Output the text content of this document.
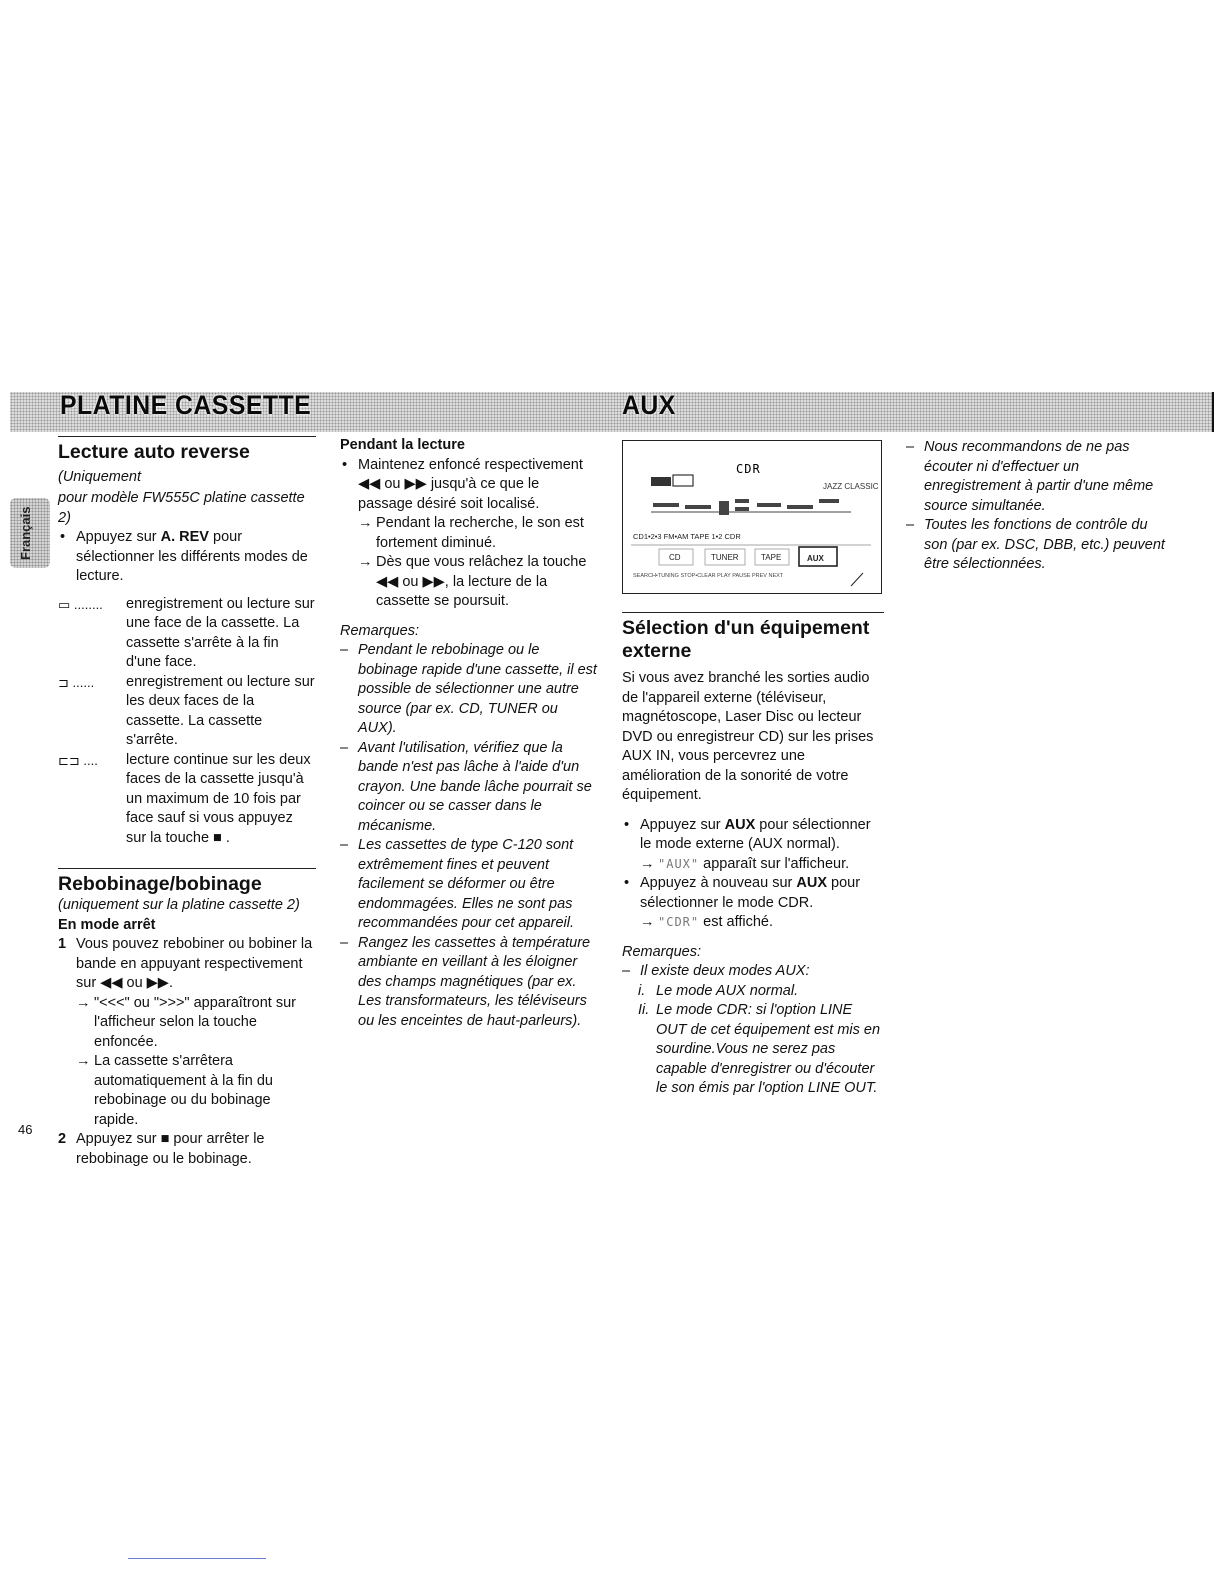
PLATINE CASSETTE	AUX
Français
Lecture auto reverse (Uniquement

pour modèle FW555C platine cassette 2)

• Appuyez sur A. REV pour sélectionner les différents modes de lecture.

▭ ........ enregistrement ou lecture sur une face de la cassette. La cassette s'arrête à la fin d'une face.
⊐ ...... enregistrement ou lecture sur les deux faces de la cassette. La cassette s'arrête.
⊏⊐ .... lecture continue sur les deux faces de la cassette jusqu'à un maximum de 10 fois par face sauf si vous appuyez sur la touche ■ .
Rebobinage/bobinage

(uniquement sur la platine cassette 2)

En mode arrêt

1 Vous pouvez rebobiner ou bobiner la bande en appuyant respectivement sur ◀◀ ou ▶▶.
→ "<<<" ou ">>>" apparaîtront sur l'afficheur selon la touche enfoncée.
→ La cassette s'arrêtera automatiquement à la fin du rebobinage ou du bobinage rapide.
2 Appuyez sur ■ pour arrêter le rebobinage ou le bobinage.

Pendant la lecture

• Maintenez enfoncé respectivement ◀◀ ou ▶▶ jusqu'à ce que le passage désiré soit localisé.

→ Pendant la recherche, le son est fortement diminué.
→ Dès que vous relâchez la touche ◀◀ ou ▶▶, la lecture de la cassette se poursuit.

Remarques:

– Pendant le rebobinage ou le bobinage rapide d'une cassette, il est possible de sélectionner une autre source (par ex. CD, TUNER ou AUX).
– Avant l'utilisation, vérifiez que la bande n'est pas lâche à l'aide d'un crayon. Une bande lâche pourrait se coincer ou se casser dans le mécanisme.
– Les cassettes de type C-120 sont extrêmement fines et peuvent facilement se déformer ou être endommagées. Elles ne sont pas recommandées pour cet appareil.
– Rangez les cassettes à température ambiante en veillant à les éloigner des champs magnétiques (par ex. Les transformateurs, les téléviseurs ou les enceintes de haut-parleurs).
JAZZ CLASSIC
CDR
CD1•2•3 FM•AM TAPE 1•2 CDR
CD	TUNER	TAPE	AUX
SEARCH•TUNING STOP•CLEAR PLAY PAUSE PREV NEXT
Sélection d'un équipement externe

Si vous avez branché les sorties audio de l'appareil externe (téléviseur, magnétoscope, Laser Disc ou lecteur DVD ou enregistreur CD) sur les prises AUX IN, vous percevrez une amélioration de la sonorité de votre équipement.

• Appuyez sur AUX pour sélectionner le mode externe (AUX normal).

→ "AUX" apparaît sur l'afficheur.

• Appuyez à nouveau sur AUX pour sélectionner le mode CDR.

→ "CDR" est affiché.

Remarques:

– Il existe deux modes AUX:
i. Le mode AUX normal.
Ii. Le mode CDR: si l'option LINE OUT de cet équipement est mis en sourdine.Vous ne serez pas capable d'enregistrer ou d'écouter le son émis par l'option LINE OUT.
– Nous recommandons de ne pas écouter ni d'effectuer un enregistrement à partir d'une même source simultanée.
– Toutes les fonctions de contrôle du son (par ex. DSC, DBB, etc.) peuvent être sélectionnées.
46
